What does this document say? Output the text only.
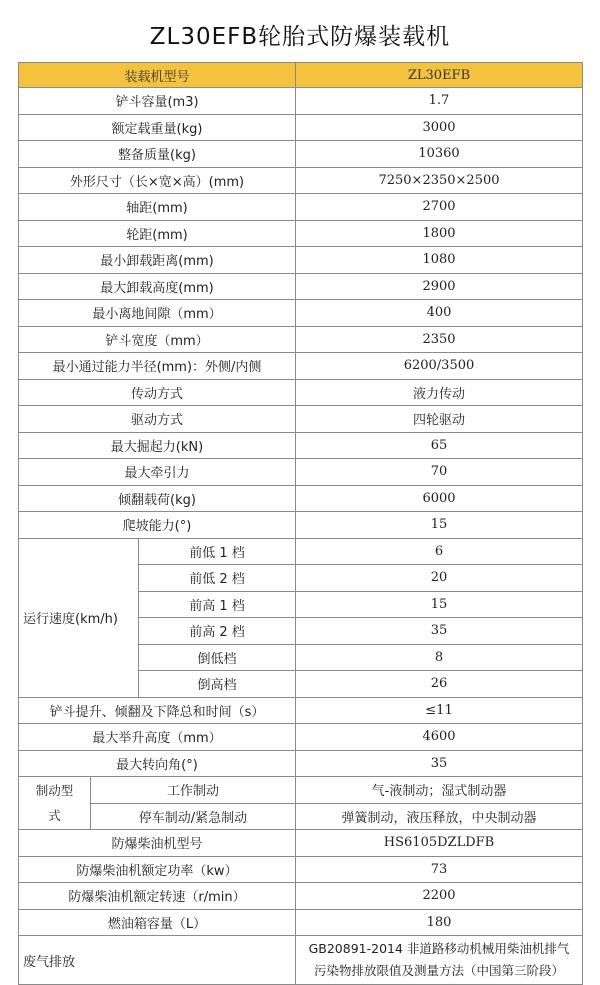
ZL30EFB轮胎式防爆装载机
装载机型号			ZL30EFB
铲斗容量(m3)			1.7
额定载重量(kg)			3000
整备质量(kg)			10360
外形尺寸（长×宽×高）(mm)			7250×2350×2500
轴距(mm)			2700
轮距(mm)			1800
最小卸载距离(mm)			1080
最大卸载高度(mm)			2900
最小离地间隙（mm）			400
铲斗宽度（mm）			2350
最小通过能力半径(mm)：外侧/内侧			6200/3500
传动方式			液力传动
驱动方式			四轮驱动
最大掘起力(kN)			65
最大牵引力			70
倾翻载荷(kg)			6000
爬坡能力(°)			15
运行速度(km/h)		前低 1 档	6
		前低 2 档	20
		前高 1 档	15
		前高 2 档	35
		倒低档	8
		倒高档	26
铲斗提升、倾翻及下降总和时间（s）			≤11
最大举升高度（mm）			4600
最大转向角(°)			35
制动型
式	工作制动		气-液制动；湿式制动器
	停车制动/紧急制动		弹簧制动，液压释放，中央制动器
防爆柴油机型号			HS6105DZLDFB
防爆柴油机额定功率（kw）			73
防爆柴油机额定转速（r/min）			2200
燃油箱容量（L）			180
废气排放			GB20891-2014 非道路移动机械用柴油机排气
污染物排放限值及测量方法（中国第三阶段）
